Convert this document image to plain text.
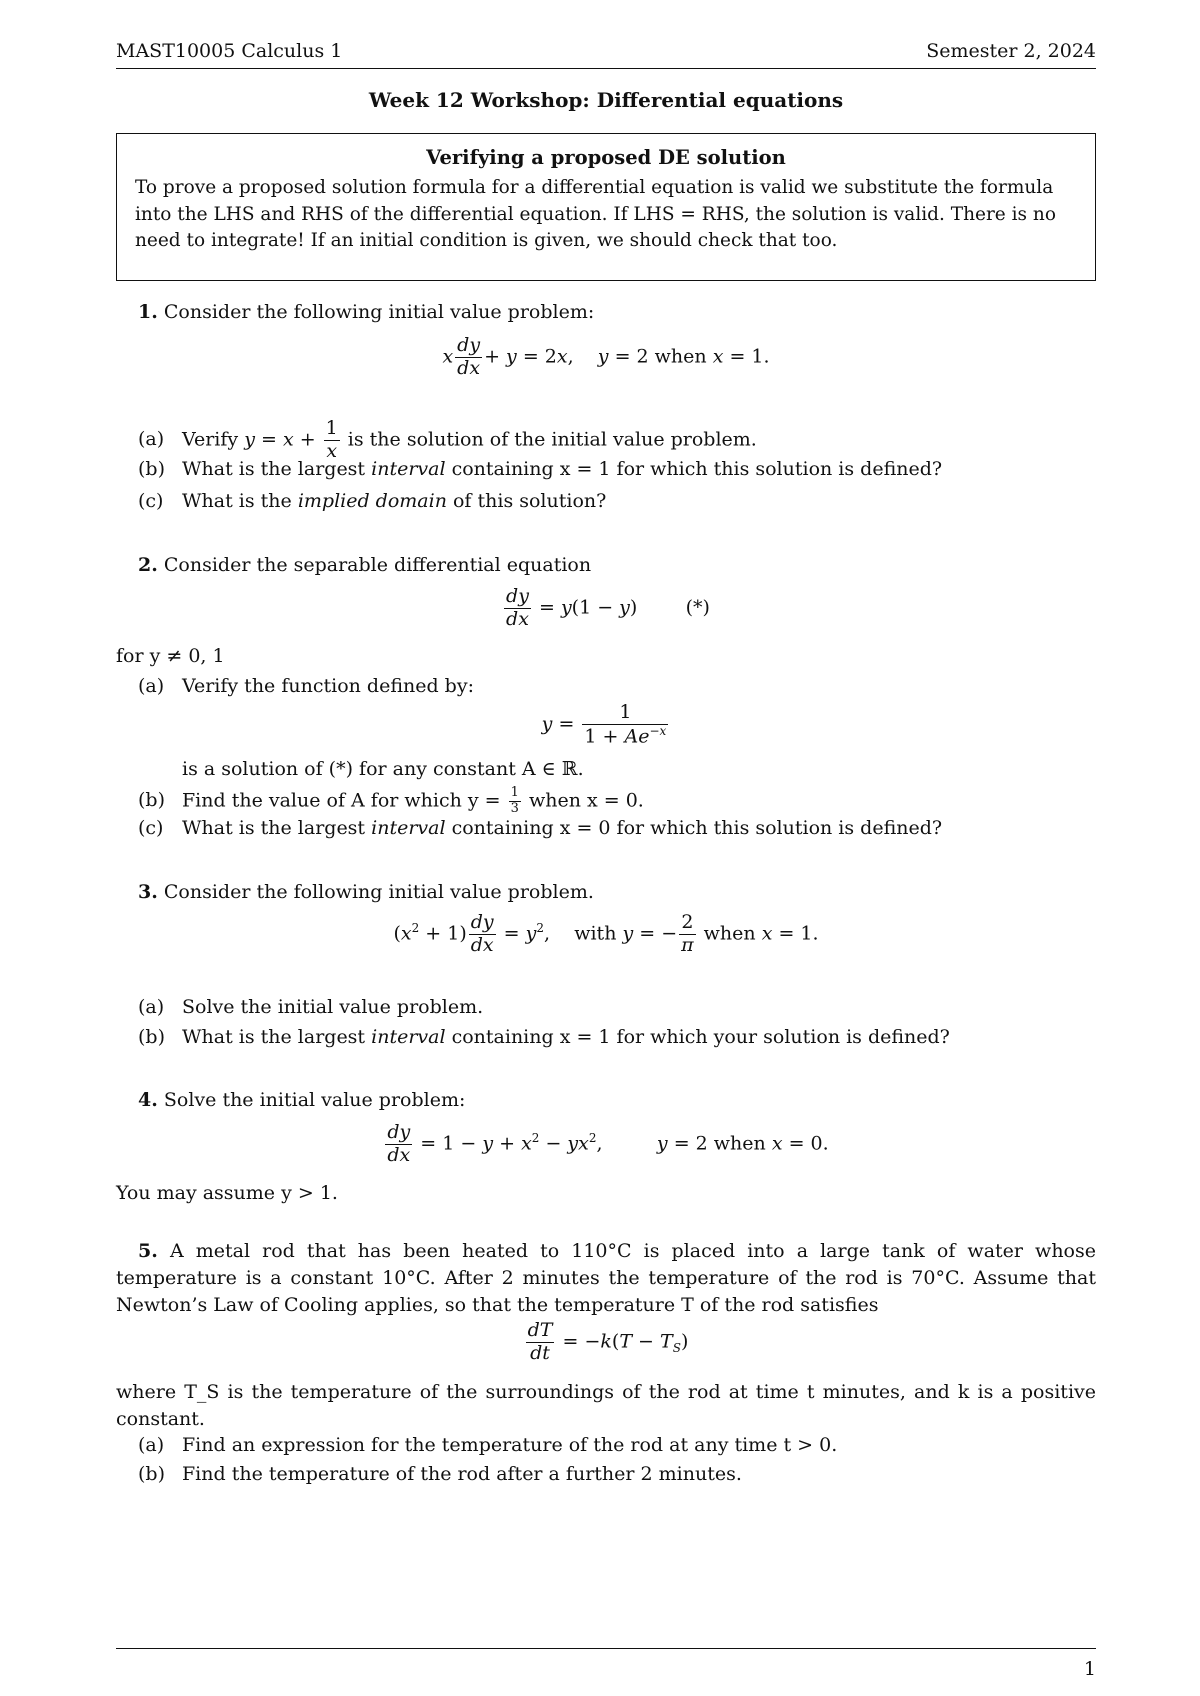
MAST10005 Calculus 1	Semester 2, 2024
Week 12 Workshop: Differential equations
Verifying a proposed DE solution
To prove a proposed solution formula for a differential equation is valid we substitute the formula into the LHS and RHS of the differential equation. If LHS = RHS, the solution is valid. There is no need to integrate! If an initial condition is given, we should check that too.
1. Consider the following initial value problem:
x $\frac{dy}{dx} + y = 2x$,    y = 2 when x = 1.
(a) Verify $y = x + \frac{1}{x}$ is the solution of the initial value problem.
(b) What is the largest interval containing x = 1 for which this solution is defined?
(c) What is the implied domain of this solution?
2. Consider the separable differential equation
$\frac{dy}{dx} = y(1 - y)$        (*)
for y ≠ 0, 1
(a) Verify the function defined by:
$y = \frac{1}{1 + Ae^{-x}}$
is a solution of (*) for any constant A ∈ ℝ.
(b) Find the value of A for which $y = \frac{1}{3}$ when x = 0.
(c) What is the largest interval containing x = 0 for which this solution is defined?
3. Consider the following initial value problem.
$(x^2 + 1) \frac{dy}{dx} = y^2$,    with y = − $\frac{2}{\pi}$ when x = 1.
(a) Solve the initial value problem.
(b) What is the largest interval containing x = 1 for which your solution is defined?
4. Solve the initial value problem:
$\frac{dy}{dx} = 1 - y + x^2 - yx^2$,         y = 2 when x = 0.
You may assume y > 1.
5. A metal rod that has been heated to 110°C is placed into a large tank of water whose temperature is a constant 10°C. After 2 minutes the temperature of the rod is 70°C. Assume that Newton’s Law of Cooling applies, so that the temperature T of the rod satisfies
$\frac{dT}{dt} = -k(T - T_S)$
where T_S is the temperature of the surroundings of the rod at time t minutes, and k is a positive constant.
(a) Find an expression for the temperature of the rod at any time t > 0.
(b) Find the temperature of the rod after a further 2 minutes.
1
